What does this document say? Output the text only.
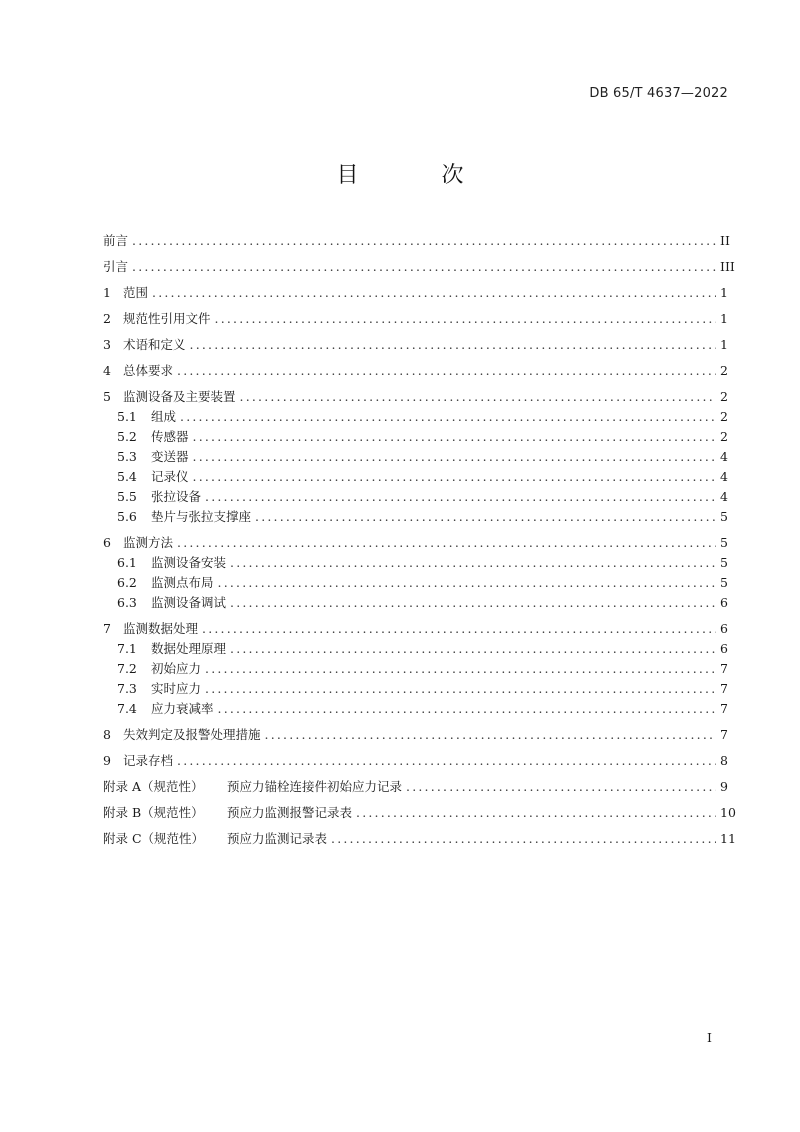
DB 65/T 4637—2022
目 次
前言 .....	II
引言 .....	III
1 范围 .....	1
2 规范性引用文件 .....	1
3 术语和定义 .....	1
4 总体要求 .....	2
5 监测设备及主要装置 .....	2
5.1	组成 .....	2
5.2	传感器 .....	2
5.3	变送器 .....	4
5.4	记录仪 .....	4
5.5	张拉设备 .....	4
5.6	垫片与张拉支撑座 .....	5
6 监测方法 .....	5
6.1	监测设备安装 .....	5
6.2	监测点布局 .....	5
6.3	监测设备调试 .....	6
7 监测数据处理 .....	6
7.1	数据处理原理 .....	6
7.2	初始应力 .....	7
7.3	实时应力 .....	7
7.4	应力衰减率 .....	7
8 失效判定及报警处理措施 .....	7
9 记录存档 .....	8
附录 A（规范性）	预应力锚栓连接件初始应力记录 .....	9
附录 B（规范性）	预应力监测报警记录表 .....	10
附录 C（规范性）	预应力监测记录表 .....	11
I
